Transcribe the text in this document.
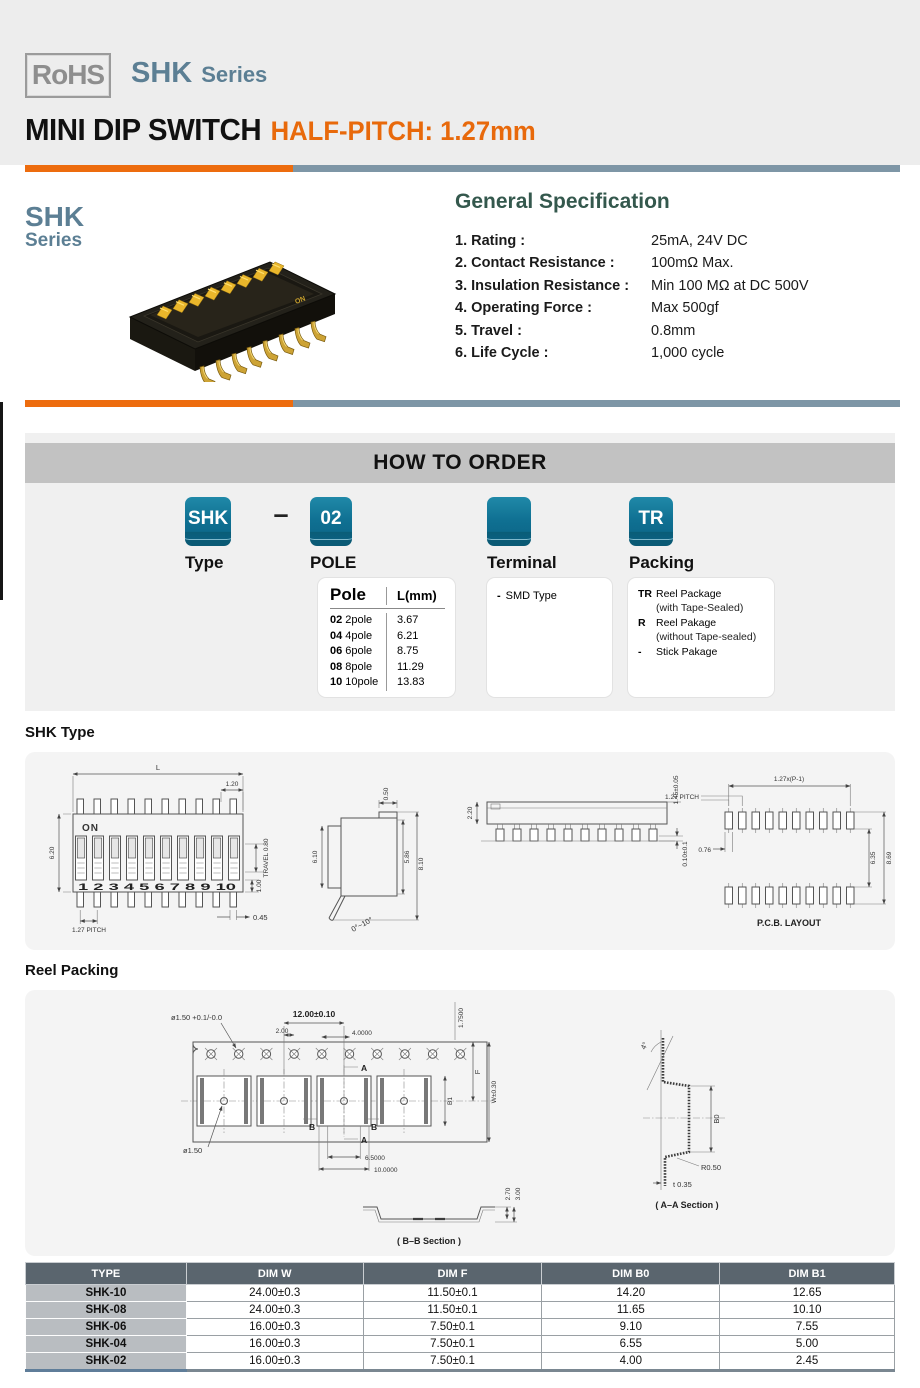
RoHS SHK Series
MINI DIP SWITCH HALF-PITCH: 1.27mm
SHK
Series
ON
General Specification
1. Rating :	25mA, 24V DC
2. Contact Resistance :	100mΩ Max.
3. Insulation Resistance :	Min 100 MΩ at DC 500V
4. Operating Force :	Max 500gf
5. Travel :	0.8mm
6. Life Cycle :	1,000 cycle
HOW TO ORDER
SHK	–	02	TR
Type	POLE	Terminal	Packing
Pole	L(mm)
02 2pole	3.67
04 4pole	6.21
06 6pole	8.75
08 8pole	11.29
10 10pole	13.83
- SMD Type	TR Reel Package
(with Tape-Sealed)
R Reel Pakage
(without Tape-sealed)
-	Stick Pakage
SHK Type
L
1.20
ON
1 2 3 4 5 6 7 8 9 10
6.20	TRAVEL 0.80
1.00
1.27 PITCH
0.45
0.50
6.10	5.86
8.10
0°~10°
2.20
1.45±0.05
0.10±0.1
1.27x(P-1)
1.27 PITCH
0.76
6.35 8.69
P.C.B. LAYOUT
Reel Packing
ø1.50 +0.1/-0.0	12.00±0.10
2.00	4.0000
1.7500
A
A
B	B
B1
F
W±0.30
ø1.50
6.5000
10.0000
2.70 3.00
( B–B Section )
4°
B0
R0.50
t 0.35
( A–A Section )
TYPE	DIM W	DIM F	DIM B0	DIM B1
SHK-10	24.00±0.3	11.50±0.1	14.20	12.65
SHK-08	24.00±0.3	11.50±0.1	11.65	10.10
SHK-06	16.00±0.3	7.50±0.1	9.10	7.55
SHK-04	16.00±0.3	7.50±0.1	6.55	5.00
SHK-02	16.00±0.3	7.50±0.1	4.00	2.45
